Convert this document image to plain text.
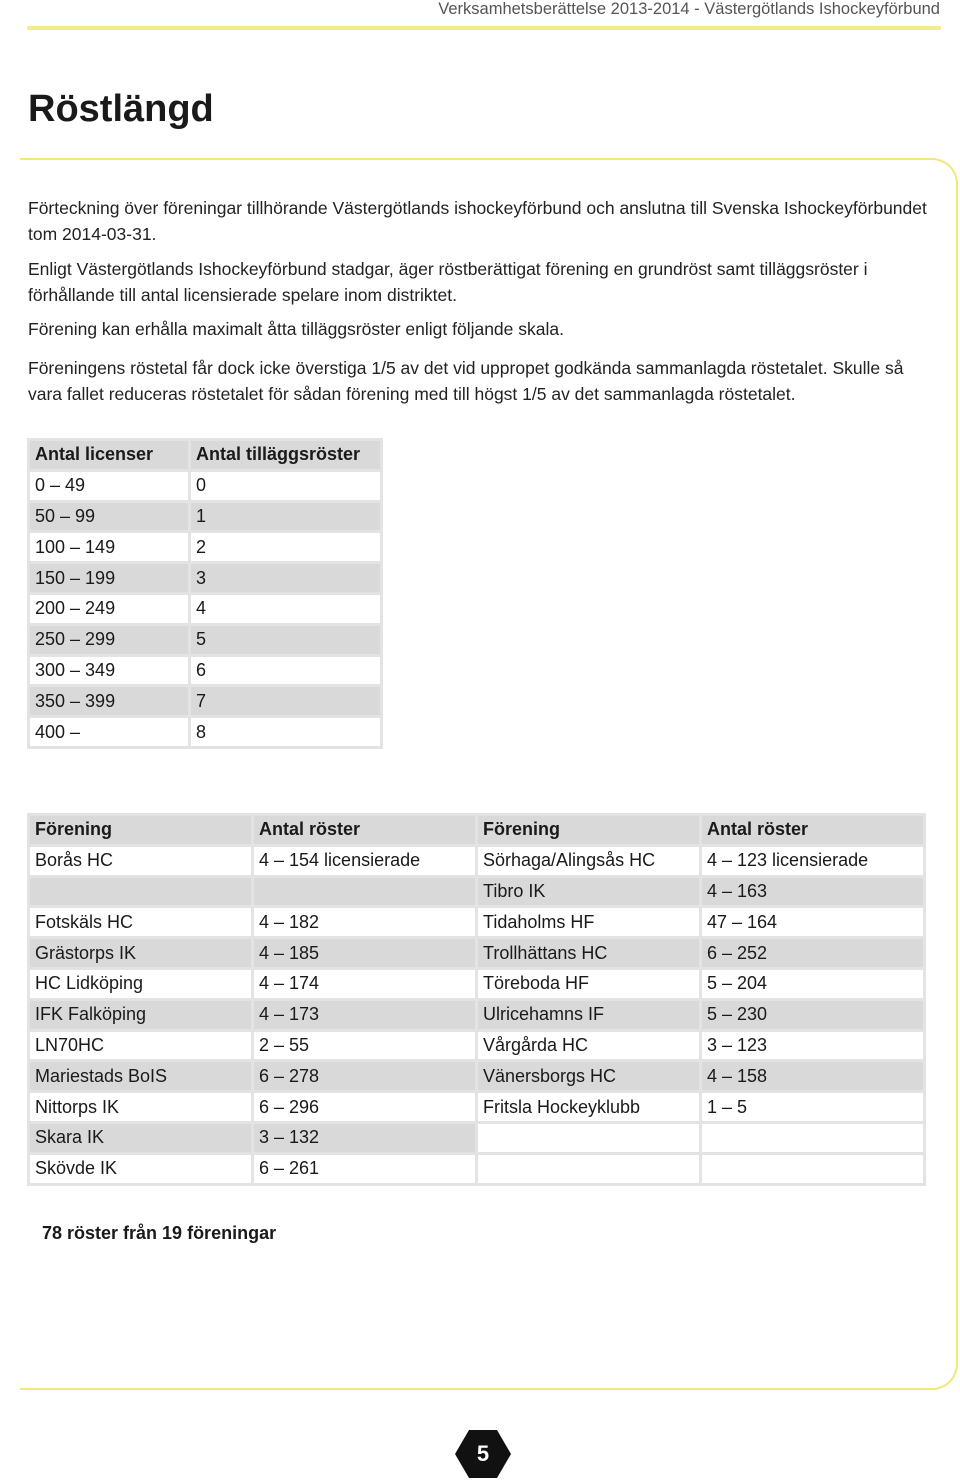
Verksamhetsberättelse 2013-2014 - Västergötlands Ishockeyförbund
Röstlängd

Förteckning över föreningar tillhörande Västergötlands ishockeyförbund och anslutna till Svenska Ishockeyförbundet tom 2014-03-31.

Enligt Västergötlands Ishockeyförbund stadgar, äger röstberättigat förening en grundröst samt tilläggsröster i förhållande till antal licensierade spelare inom distriktet.

Förening kan erhålla maximalt åtta tilläggsröster enligt följande skala.

Föreningens röstetal får dock icke överstiga 1/5 av det vid uppropet godkända sammanlagda röstetalet. Skulle så vara fallet reduceras röstetalet för sådan förening med till högst 1/5 av det sammanlagda röstetalet.

Antal licenser	Antal tilläggsröster
0 – 49	0
50 – 99	1
100 – 149	2
150 – 199	3
200 – 249	4
250 – 299	5
300 – 349	6
350 – 399	7
400 –	8
Förening	Antal röster	Förening	Antal röster
Borås HC	4 – 154 licensierade	Sörhaga/Alingsås HC	4 – 123 licensierade
		Tibro IK	4 – 163
Fotskäls HC	4 – 182	Tidaholms HF	47 – 164
Grästorps IK	4 – 185	Trollhättans HC	6 – 252
HC Lidköping	4 – 174	Töreboda HF	5 – 204
IFK Falköping	4 – 173	Ulricehamns IF	5 – 230
LN70HC	2 – 55	Vårgårda HC	3 – 123
Mariestads BoIS	6 – 278	Vänersborgs HC	4 – 158
Nittorps IK	6 – 296	Fritsla Hockeyklubb	1 – 5
Skara IK	3 – 132		
Skövde IK	6 – 261		
78 röster från 19 föreningar
5
